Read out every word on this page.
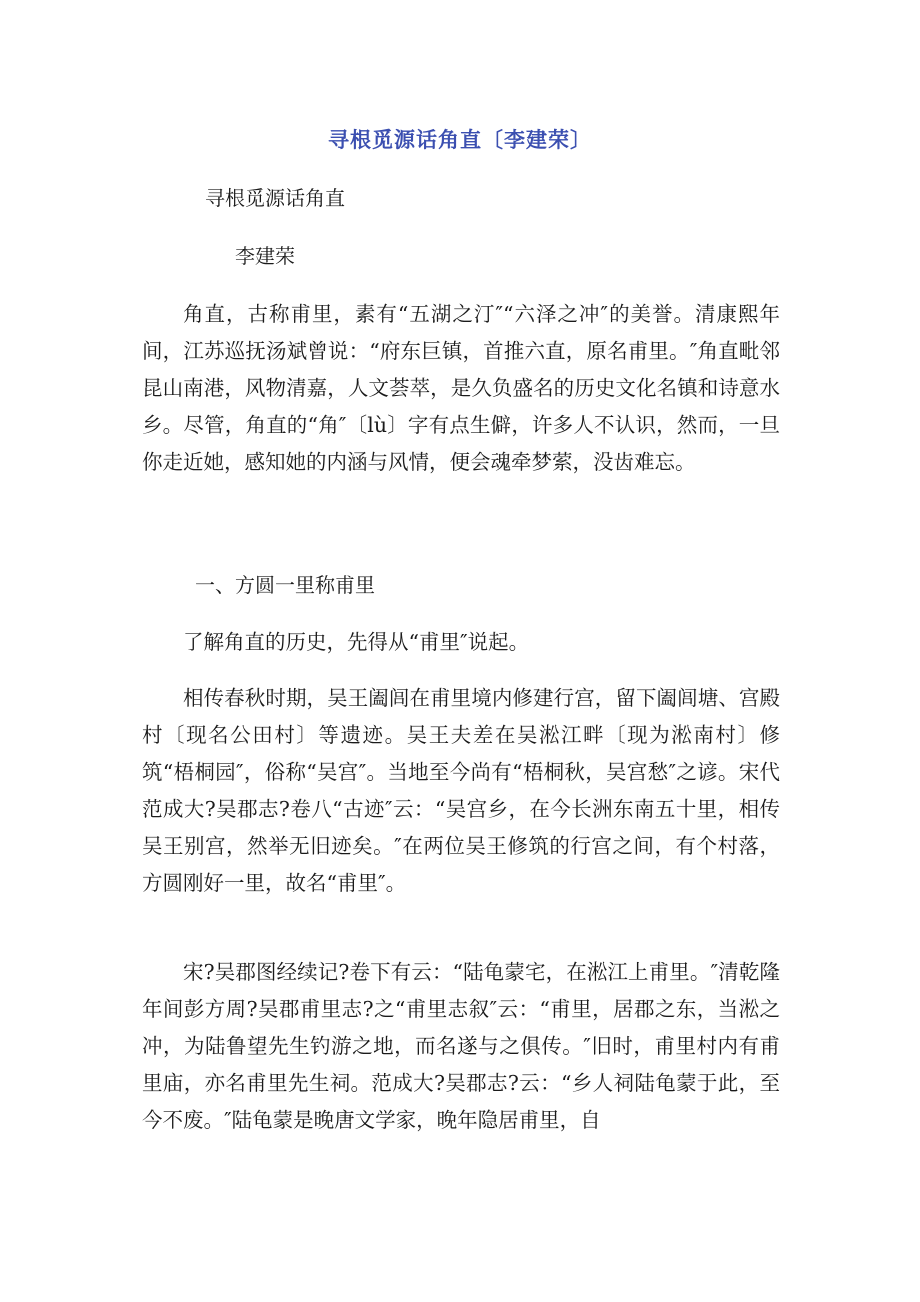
寻根觅源话角直〔李建荣〕
寻根觅源话角直
李建荣

角直，古称甫里，素有“五湖之汀″“六泽之冲″的美誉。清康熙年间，江苏巡抚汤斌曾说：“府东巨镇，首推六直，原名甫里。″角直毗邻昆山南港，风物清嘉，人文荟萃，是久负盛名的历史文化名镇和诗意水乡。尽管，角直的“角″〔lù〕字有点生僻，许多人不认识，然而，一旦你走近她，感知她的内涵与风情，便会魂牵梦萦，没齿难忘。

一、方圆一里称甫里

了解角直的历史，先得从“甫里″说起。

相传春秋时期，吴王阖闾在甫里境内修建行宫，留下阖闾塘、宫殿村〔现名公田村〕等遗迹。吴王夫差在吴淞江畔〔现为淞南村〕修筑“梧桐园″，俗称“吴宫″。当地至今尚有“梧桐秋，吴宫愁″之谚。宋代范成大?吴郡志?卷八“古迹″云：“吴宫乡，在今长洲东南五十里，相传吴王别宫，然举无旧迹矣。″在两位吴王修筑的行宫之间，有个村落，方圆刚好一里，故名“甫里″。

宋?吴郡图经续记?卷下有云：“陆龟蒙宅，在淞江上甫里。″清乾隆年间彭方周?吴郡甫里志?之“甫里志叙″云：“甫里，居郡之东，当淞之冲，为陆鲁望先生钓游之地，而名遂与之俱传。″旧时，甫里村内有甫里庙，亦名甫里先生祠。范成大?吴郡志?云：“乡人祠陆龟蒙于此，至今不废。″陆龟蒙是晚唐文学家，晚年隐居甫里，自
